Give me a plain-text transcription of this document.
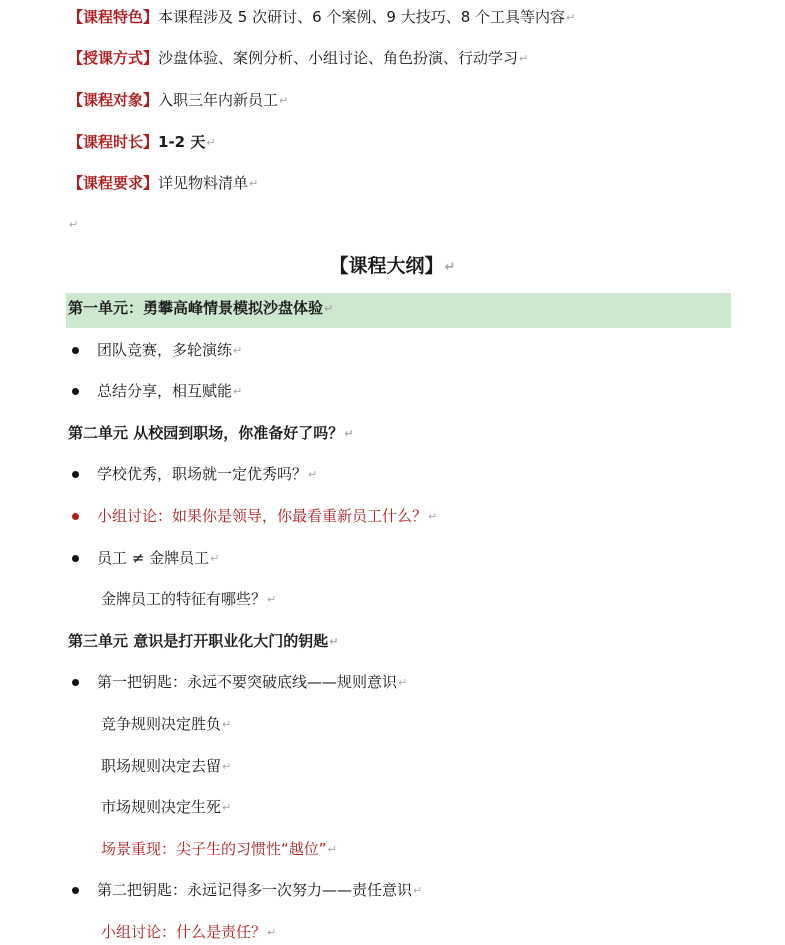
【课程特色】本课程涉及 5 次研讨、6 个案例、9 大技巧、8 个工具等内容↵
【授课方式】沙盘体验、案例分析、小组讨论、角色扮演、行动学习↵
【课程对象】入职三年内新员工↵
【课程时长】1-2 天↵
【课程要求】详见物料清单↵
↵
【课程大纲】↵
第一单元：勇攀高峰情景模拟沙盘体验↵
团队竞赛，多轮演练↵
总结分享，相互赋能↵
第二单元 从校园到职场，你准备好了吗？↵
学校优秀，职场就一定优秀吗？↵
小组讨论：如果你是领导，你最看重新员工什么？↵
员工 ≠ 金牌员工↵
金牌员工的特征有哪些？↵
第三单元 意识是打开职业化大门的钥匙↵
第一把钥匙：永远不要突破底线——规则意识↵
竞争规则决定胜负↵
职场规则决定去留↵
市场规则决定生死↵
场景重现：尖子生的习惯性“越位”↵
第二把钥匙：永远记得多一次努力——责任意识↵
小组讨论：什么是责任？↵
